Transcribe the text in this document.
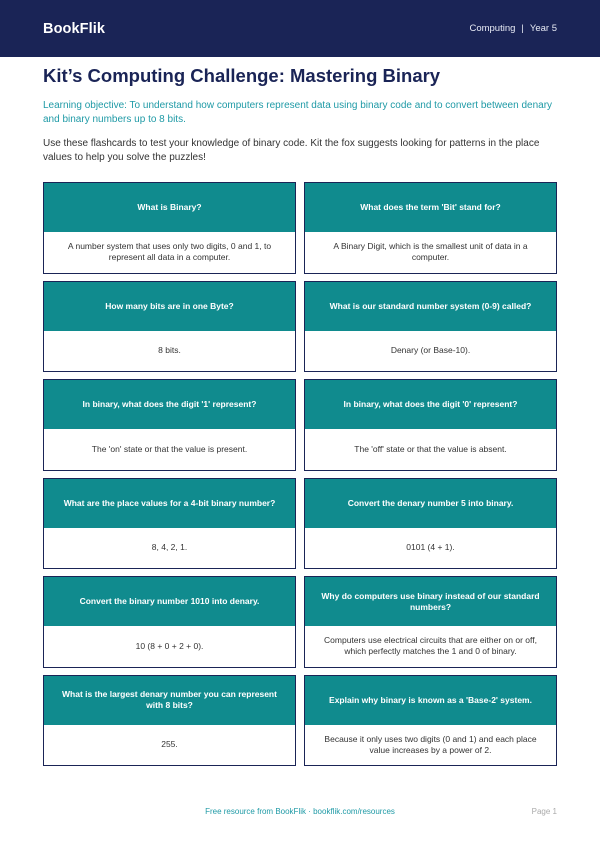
BookFlik	Computing | Year 5
Kit’s Computing Challenge: Mastering Binary

Learning objective: To understand how computers represent data using binary code and to convert between denary and binary numbers up to 8 bits.

Use these flashcards to test your knowledge of binary code. Kit the fox suggests looking for patterns in the place values to help you solve the puzzles!

What is Binary?
A number system that uses only two digits, 0 and 1, to represent all data in a computer.
What does the term 'Bit' stand for?
A Binary Digit, which is the smallest unit of data in a computer.
How many bits are in one Byte?
8 bits.
What is our standard number system (0-9) called?
Denary (or Base-10).
In binary, what does the digit '1' represent?
The 'on' state or that the value is present.
In binary, what does the digit '0' represent?
The 'off' state or that the value is absent.
What are the place values for a 4-bit binary number?
8, 4, 2, 1.
Convert the denary number 5 into binary.
0101 (4 + 1).
Convert the binary number 1010 into denary.
10 (8 + 0 + 2 + 0).
Why do computers use binary instead of our standard numbers?
Computers use electrical circuits that are either on or off, which perfectly matches the 1 and 0 of binary.
What is the largest denary number you can represent with 8 bits?
255.
Explain why binary is known as a 'Base-2' system.
Because it only uses two digits (0 and 1) and each place value increases by a power of 2.
Free resource from BookFlik · bookflik.com/resources	Page 1
